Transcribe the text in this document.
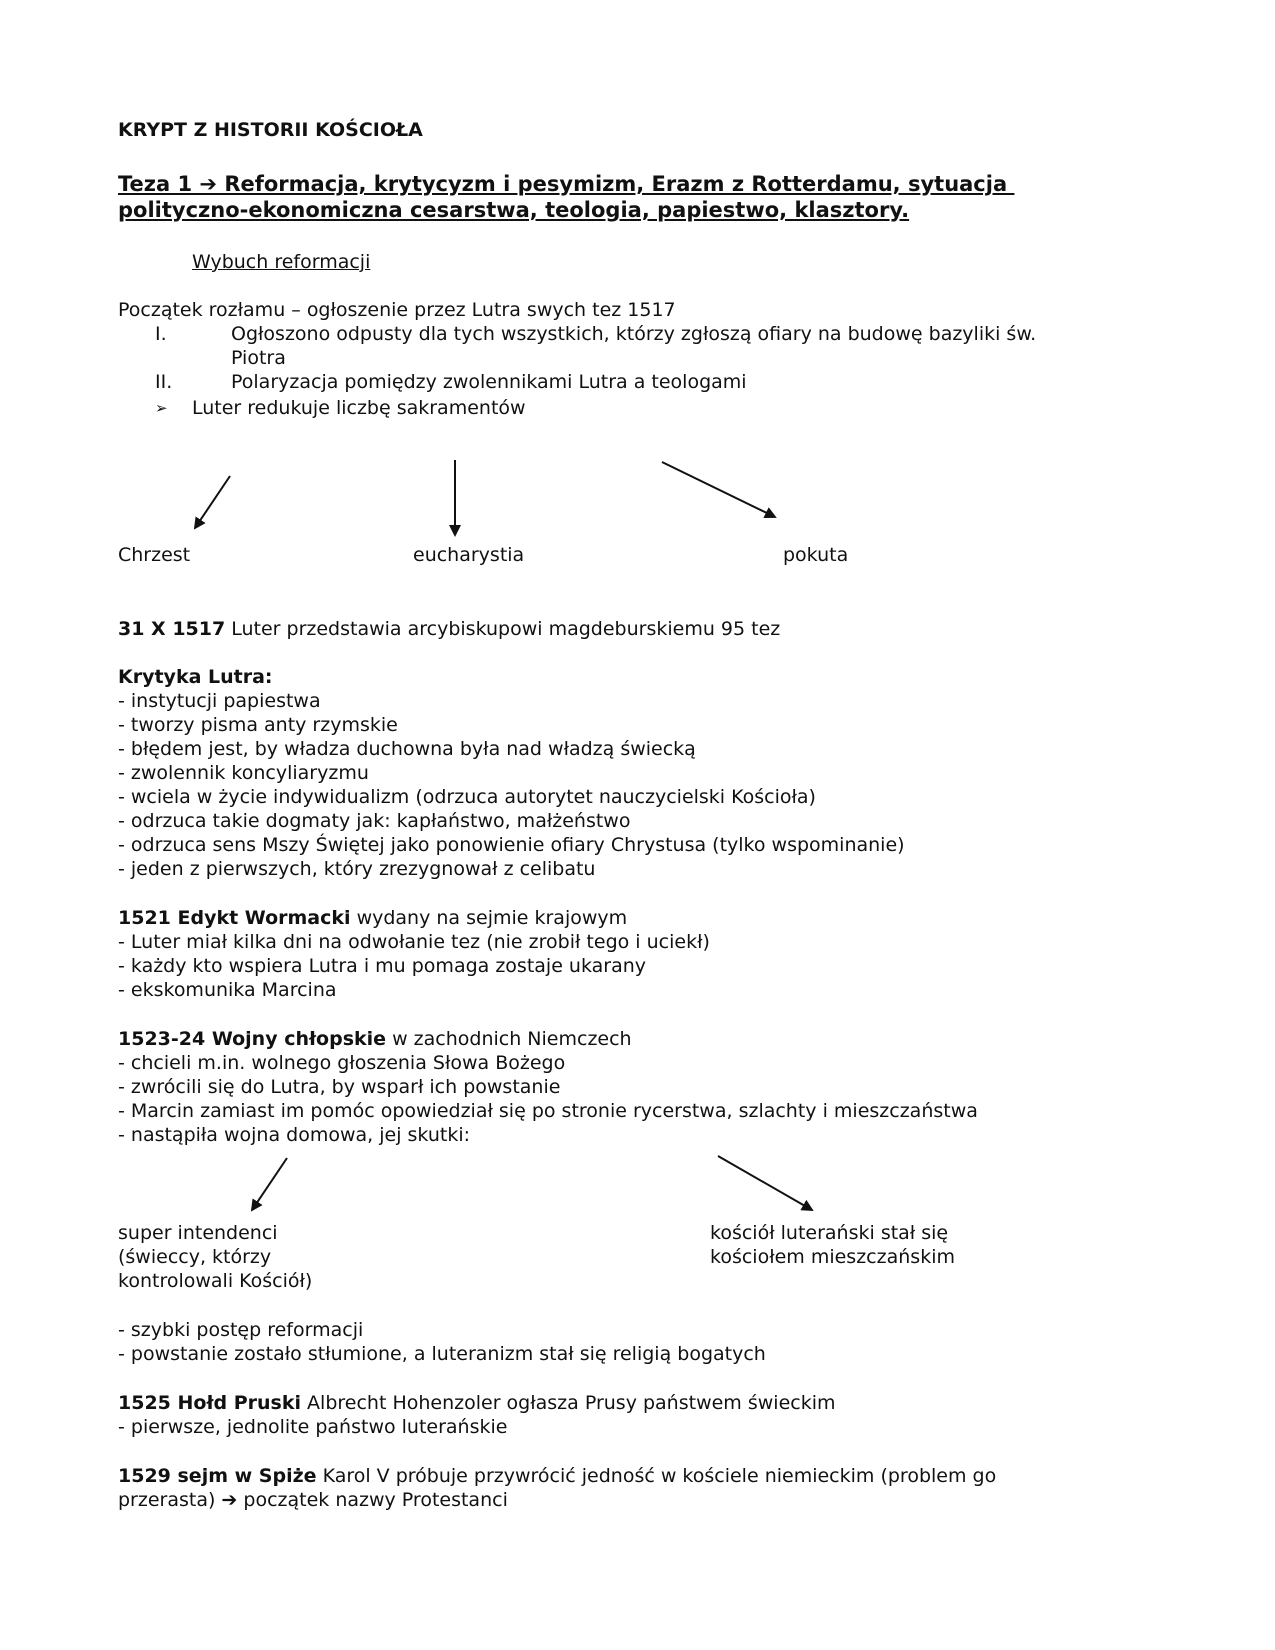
KRYPT Z HISTORII KOŚCIOŁA
Teza 1 ➔ Reformacja, krytycyzm i pesymizm, Erazm z Rotterdamu, sytuacja
polityczno-ekonomiczna cesarstwa, teologia, papiestwo, klasztory.
Wybuch reformacji
Początek rozłamu – ogłoszenie przez Lutra swych tez 1517
I.	Ogłoszono odpusty dla tych wszystkich, którzy zgłoszą ofiary na budowę bazyliki św.
Piotra
II.	Polaryzacja pomiędzy zwolennikami Lutra a teologami
➢ Luter redukuje liczbę sakramentów
Chrzest	eucharystia	pokuta
31 X 1517 Luter przedstawia arcybiskupowi magdeburskiemu 95 tez
Krytyka Lutra:
- instytucji papiestwa
- tworzy pisma anty rzymskie
- błędem jest, by władza duchowna była nad władzą świecką
- zwolennik koncyliaryzmu
- wciela w życie indywidualizm (odrzuca autorytet nauczycielski Kościoła)
- odrzuca takie dogmaty jak: kapłaństwo, małżeństwo
- odrzuca sens Mszy Świętej jako ponowienie ofiary Chrystusa (tylko wspominanie)
- jeden z pierwszych, który zrezygnował z celibatu
1521 Edykt Wormacki wydany na sejmie krajowym
- Luter miał kilka dni na odwołanie tez (nie zrobił tego i uciekł)
- każdy kto wspiera Lutra i mu pomaga zostaje ukarany
- ekskomunika Marcina
1523-24 Wojny chłopskie w zachodnich Niemczech
- chcieli m.in. wolnego głoszenia Słowa Bożego
- zwrócili się do Lutra, by wsparł ich powstanie
- Marcin zamiast im pomóc opowiedział się po stronie rycerstwa, szlachty i mieszczaństwa
- nastąpiła wojna domowa, jej skutki:
super intendenci
(świeccy, którzy
kontrolowali Kościół)
kościół luterański stał się
kościołem mieszczańskim
- szybki postęp reformacji
- powstanie zostało stłumione, a luteranizm stał się religią bogatych
1525 Hołd Pruski Albrecht Hohenzoler ogłasza Prusy państwem świeckim
- pierwsze, jednolite państwo luterańskie
1529 sejm w Spiże Karol V próbuje przywrócić jedność w kościele niemieckim (problem go
przerasta) ➔ początek nazwy Protestanci
